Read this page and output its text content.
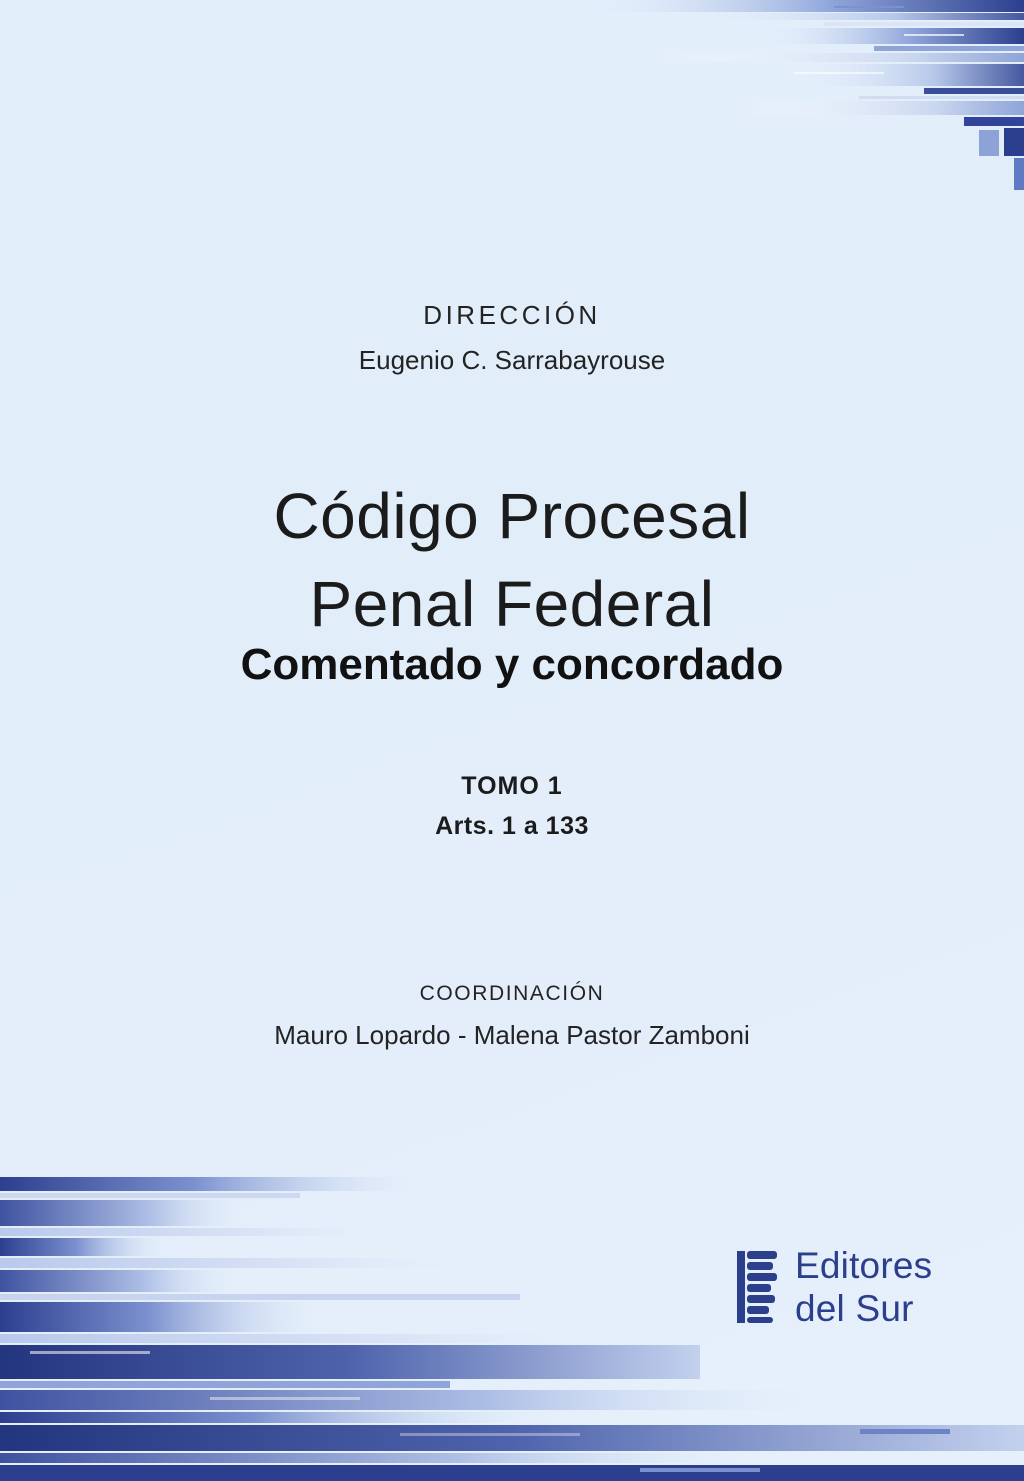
DIRECCIÓN
Eugenio C. Sarrabayrouse
Código Procesal
Penal Federal
Comentado y concordado
TOMO 1
Arts. 1 a 133
COORDINACIÓN
Mauro Lopardo - Malena Pastor Zamboni
Editores
del Sur
